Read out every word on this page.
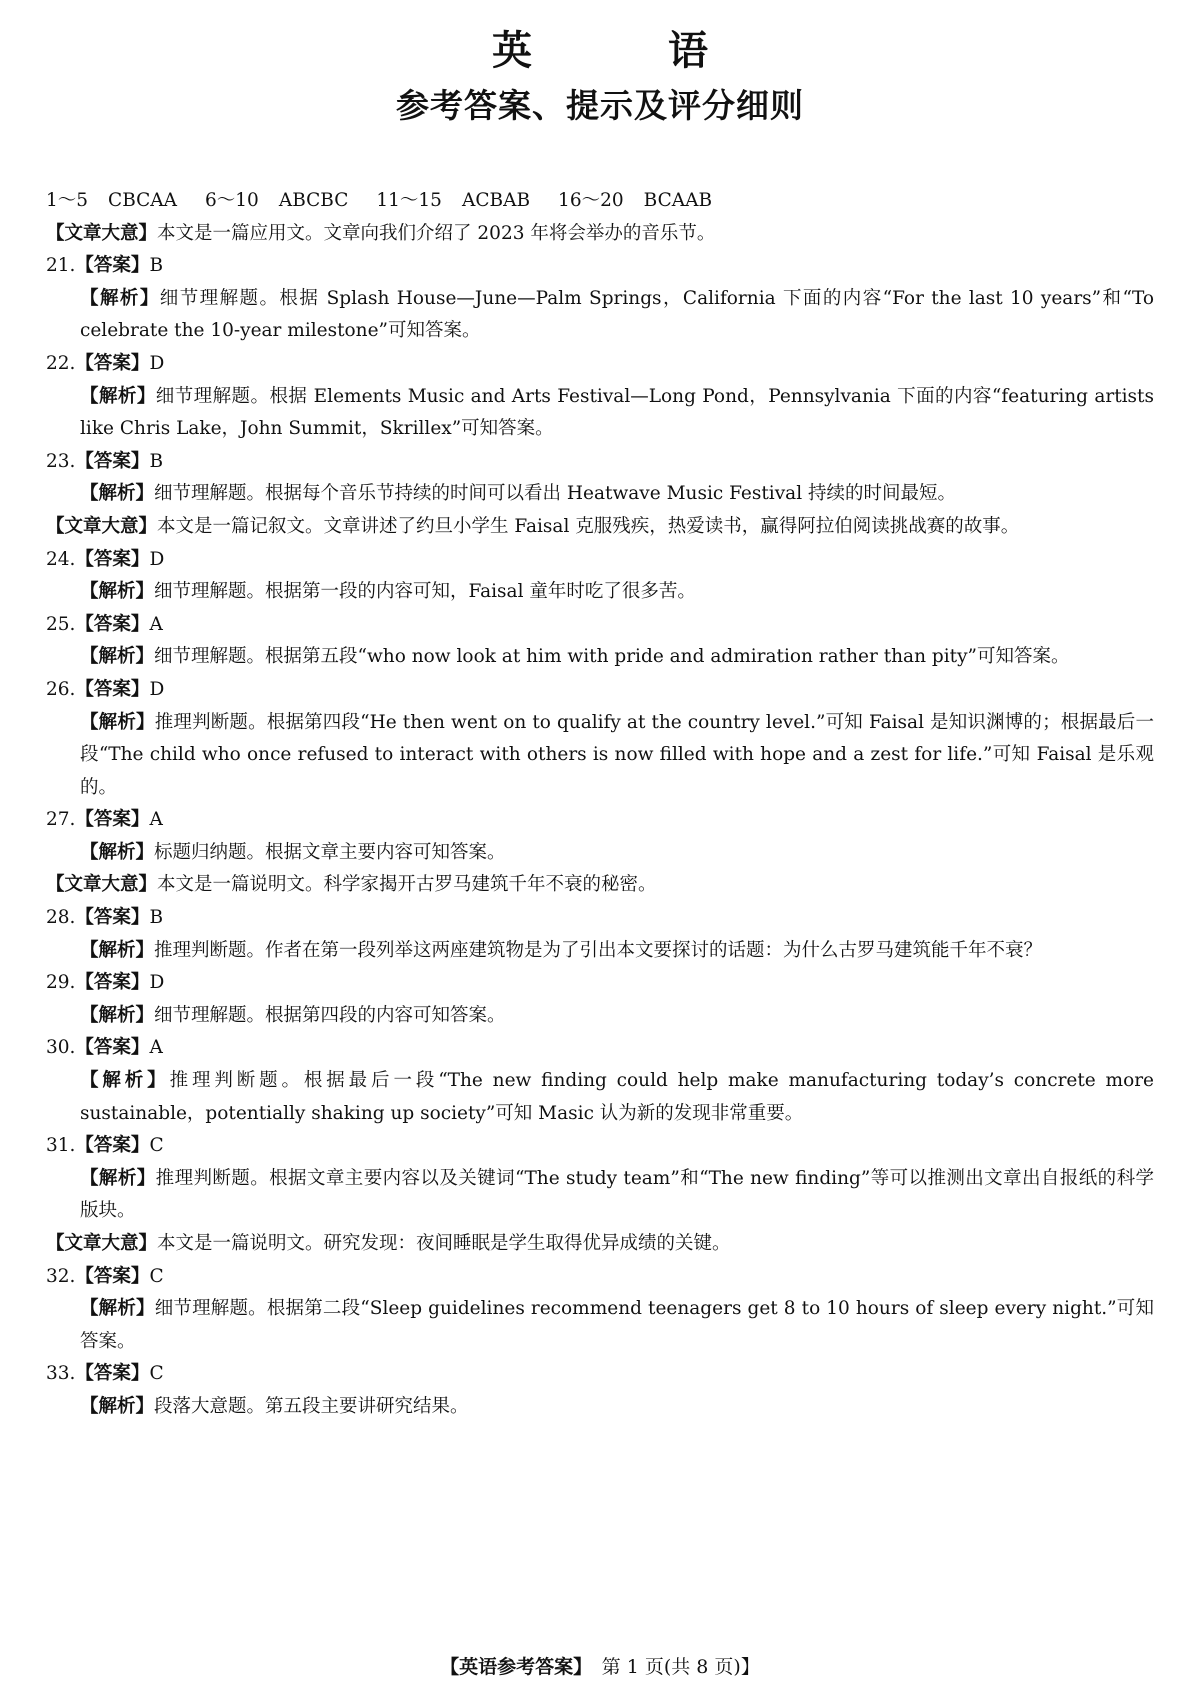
英　语
参考答案、提示及评分细则
1～5 CBCAA 6～10 ABCBC 11～15 ACBAB 16～20 BCAAB
【文章大意】本文是一篇应用文。文章向我们介绍了 2023 年将会举办的音乐节。
21.【答案】B
【解析】细节理解题。根据 Splash House—June—Palm Springs，California 下面的内容“For the last 10 years”和“To celebrate the 10-year milestone”可知答案。
22.【答案】D
【解析】细节理解题。根据 Elements Music and Arts Festival—Long Pond，Pennsylvania 下面的内容“featuring artists like Chris Lake，John Summit，Skrillex”可知答案。
23.【答案】B
【解析】细节理解题。根据每个音乐节持续的时间可以看出 Heatwave Music Festival 持续的时间最短。
【文章大意】本文是一篇记叙文。文章讲述了约旦小学生 Faisal 克服残疾，热爱读书，赢得阿拉伯阅读挑战赛的故事。
24.【答案】D
【解析】细节理解题。根据第一段的内容可知，Faisal 童年时吃了很多苦。
25.【答案】A
【解析】细节理解题。根据第五段“who now look at him with pride and admiration rather than pity”可知答案。
26.【答案】D
【解析】推理判断题。根据第四段“He then went on to qualify at the country level.”可知 Faisal 是知识渊博的；根据最后一段“The child who once refused to interact with others is now filled with hope and a zest for life.”可知 Faisal 是乐观的。
27.【答案】A
【解析】标题归纳题。根据文章主要内容可知答案。
【文章大意】本文是一篇说明文。科学家揭开古罗马建筑千年不衰的秘密。
28.【答案】B
【解析】推理判断题。作者在第一段列举这两座建筑物是为了引出本文要探讨的话题：为什么古罗马建筑能千年不衰？
29.【答案】D
【解析】细节理解题。根据第四段的内容可知答案。
30.【答案】A
【解析】推理判断题。根据最后一段“The new finding could help make manufacturing today’s concrete more sustainable，potentially shaking up society”可知 Masic 认为新的发现非常重要。
31.【答案】C
【解析】推理判断题。根据文章主要内容以及关键词“The study team”和“The new finding”等可以推测出文章出自报纸的科学版块。
【文章大意】本文是一篇说明文。研究发现：夜间睡眠是学生取得优异成绩的关键。
32.【答案】C
【解析】细节理解题。根据第二段“Sleep guidelines recommend teenagers get 8 to 10 hours of sleep every night.”可知答案。
33.【答案】C
【解析】段落大意题。第五段主要讲研究结果。
【英语参考答案】　第 1 页(共 8 页)】
